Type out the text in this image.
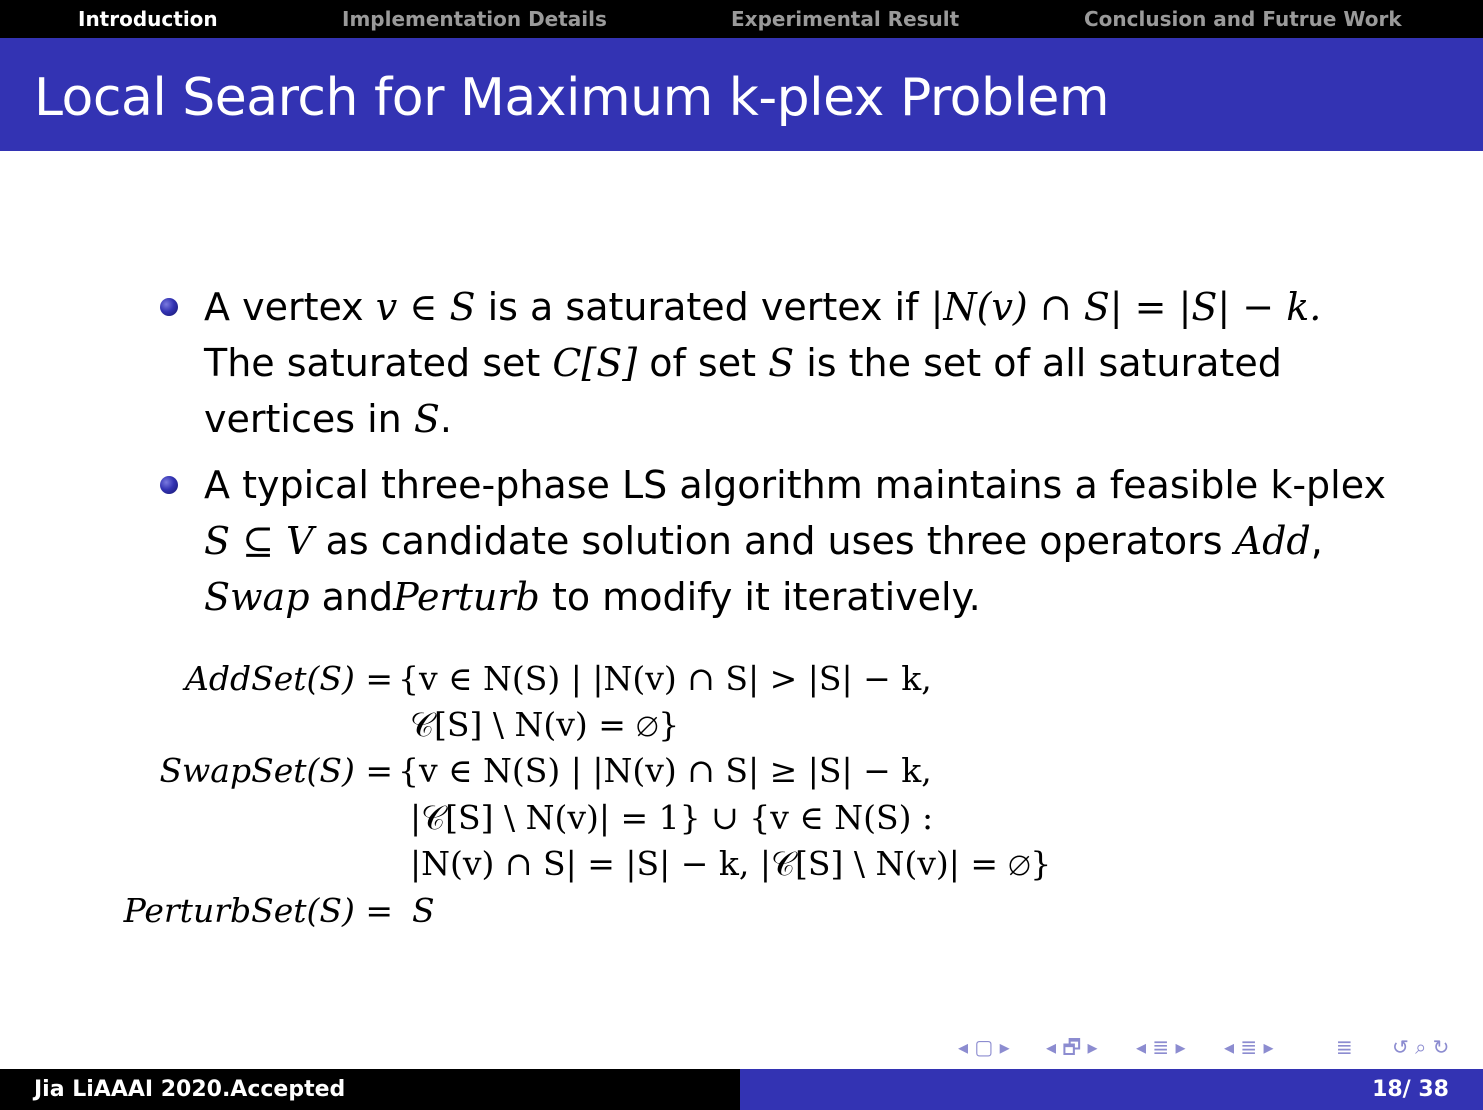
Introduction	Implementation Details	Experimental Result	Conclusion and Futrue Work
Local Search for Maximum k-plex Problem
A vertex v ∈ S is a saturated vertex if |N(v) ∩ S| = |S| − k.
The saturated set C[S] of set S is the set of all saturated
vertices in S.
A typical three-phase LS algorithm maintains a feasible k-plex
S ⊆ V as candidate solution and uses three operators Add,
Swap andPerturb to modify it iteratively.
AddSet(S) = {v ∈ N(S) | |N(v) ∩ S| > |S| − k,
𝒞[S] \ N(v) = ∅}
SwapSet(S) = {v ∈ N(S) | |N(v) ∩ S| ≥ |S| − k,
|𝒞[S] \ N(v)| = 1} ∪ {v ∈ N(S) :
|N(v) ∩ S| = |S| − k, |𝒞[S] \ N(v)| = ∅}
PerturbSet(S) = S
◂ ▢ ▸ ◂ 🗗 ▸ ◂ ≣ ▸ ◂ ≣ ▸	≣ ↺ ⌕ ↻
Jia LiAAAI 2020.Accepted	18/ 38
